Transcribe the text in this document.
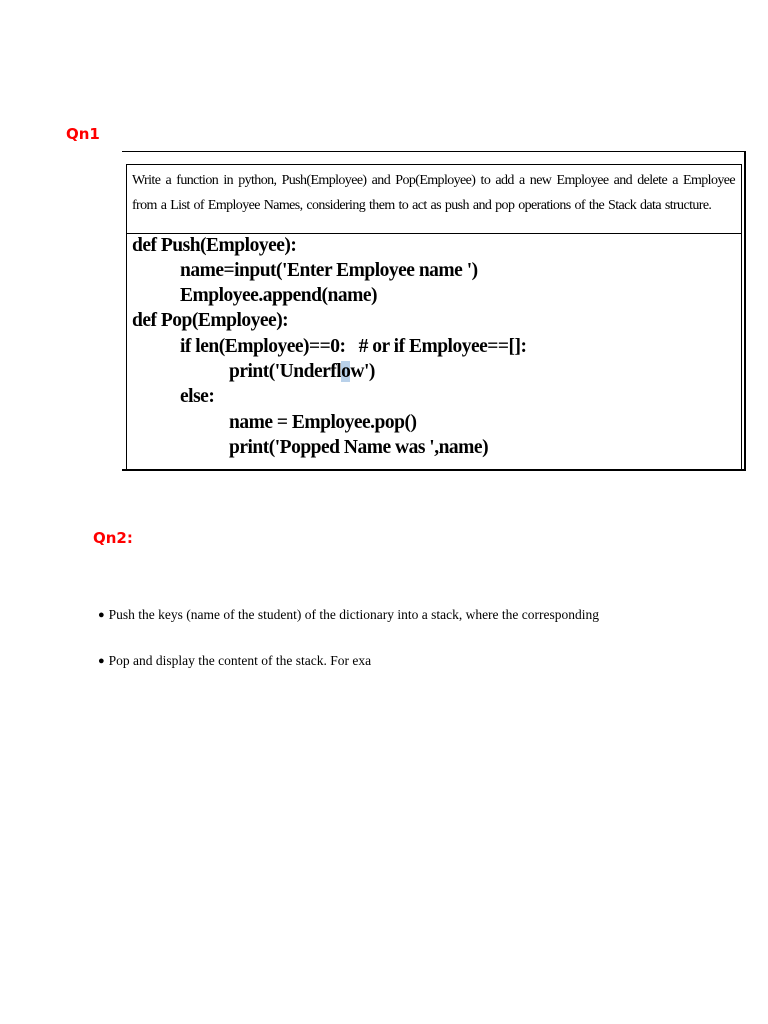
Qn1
Write a function in python, Push(Employee) and Pop(Employee) to add a new Employee and delete a Employee from a List of Employee Names, considering them to act as push and pop operations of the Stack data structure.
def Push(Employee):
name=input('Enter Employee name ')
Employee.append(name)
def Pop(Employee):
if len(Employee)==0:   # or if Employee==[]:
print('Underflow')
else:
name = Employee.pop()
print('Popped Name was ',name)
Qn2:

● Push the keys (name of the student) of the dictionary into a stack, where the corresponding

● Pop and display the content of the stack. For exa
